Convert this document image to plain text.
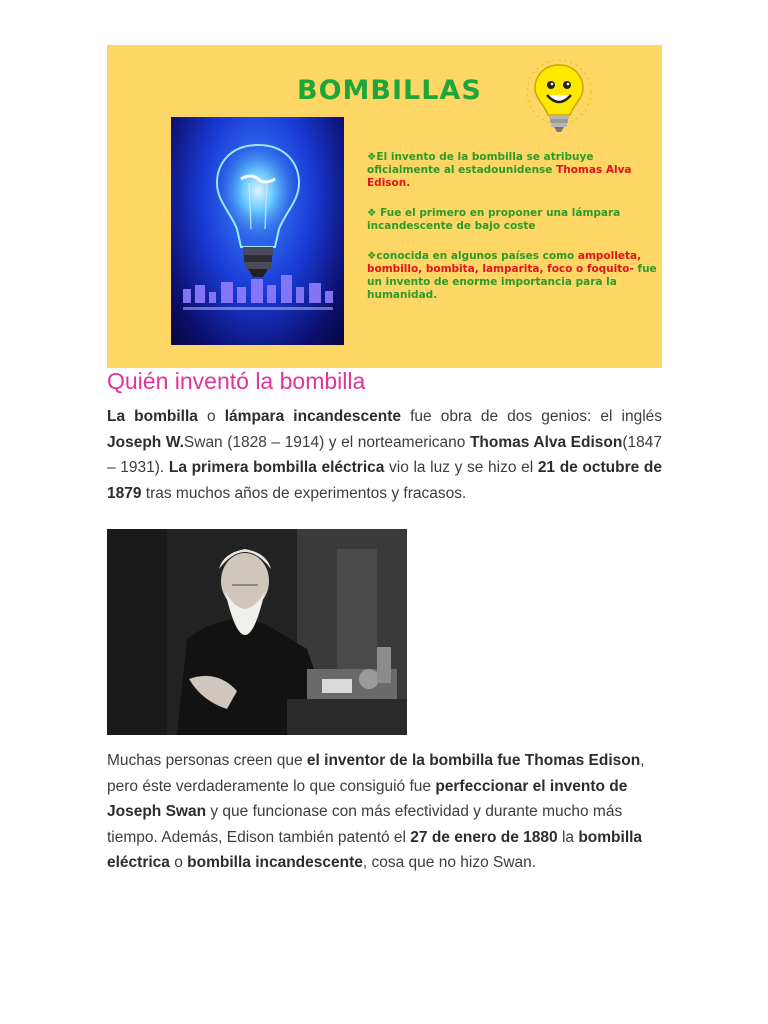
BOMBILLAS
❖El invento de la bombilla se atribuye oficialmente al estadounidense Thomas Alva Edison.
❖ Fue el primero en proponer una lámpara incandescente de bajo coste
❖conocida en algunos países como ampolleta, bombillo, bombita, lamparita, foco o foquito- fue un invento de enorme importancia para la humanidad.
Quién inventó la bombilla
La bombilla o lámpara incandescente fue obra de dos genios: el inglés Joseph W.Swan (1828 – 1914) y el norteamericano Thomas Alva Edison(1847 – 1931). La primera bombilla eléctrica vio la luz y se hizo el 21 de octubre de 1879 tras muchos años de experimentos y fracasos.
Muchas personas creen que el inventor de la bombilla fue Thomas Edison, pero éste verdaderamente lo que consiguió fue perfeccionar el invento de Joseph Swan y que funcionase con más efectividad y durante mucho más tiempo. Además, Edison también patentó el 27 de enero de 1880 la bombilla eléctrica o bombilla incandescente, cosa que no hizo Swan.
